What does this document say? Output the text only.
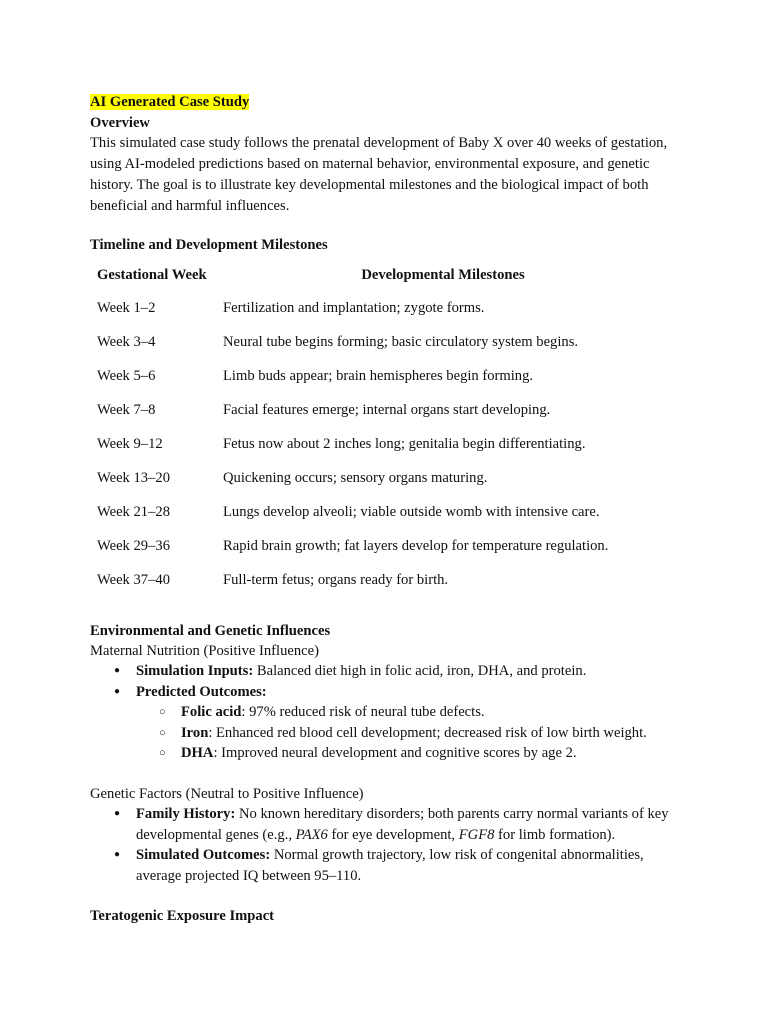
AI Generated Case Study
Overview

This simulated case study follows the prenatal development of Baby X over 40 weeks of gestation, using AI-modeled predictions based on maternal behavior, environmental exposure, and genetic history. The goal is to illustrate key developmental milestones and the biological impact of both beneficial and harmful influences.

Timeline and Development Milestones
Gestational Week	Developmental Milestones
Week 1–2	Fertilization and implantation; zygote forms.
Week 3–4	Neural tube begins forming; basic circulatory system begins.
Week 5–6	Limb buds appear; brain hemispheres begin forming.
Week 7–8	Facial features emerge; internal organs start developing.
Week 9–12	Fetus now about 2 inches long; genitalia begin differentiating.
Week 13–20	Quickening occurs; sensory organs maturing.
Week 21–28	Lungs develop alveoli; viable outside womb with intensive care.
Week 29–36	Rapid brain growth; fat layers develop for temperature regulation.
Week 37–40	Full-term fetus; organs ready for birth.
Environmental and Genetic Influences
Maternal Nutrition (Positive Influence)
● Simulation Inputs: Balanced diet high in folic acid, iron, DHA, and protein.
● Predicted Outcomes:
○ Folic acid: 97% reduced risk of neural tube defects.
○ Iron: Enhanced red blood cell development; decreased risk of low birth weight.
○ DHA: Improved neural development and cognitive scores by age 2.
Genetic Factors (Neutral to Positive Influence)
● Family History: No known hereditary disorders; both parents carry normal variants of key developmental genes (e.g., PAX6 for eye development, FGF8 for limb formation).
● Simulated Outcomes: Normal growth trajectory, low risk of congenital abnormalities, average projected IQ between 95–110.
Teratogenic Exposure Impact
